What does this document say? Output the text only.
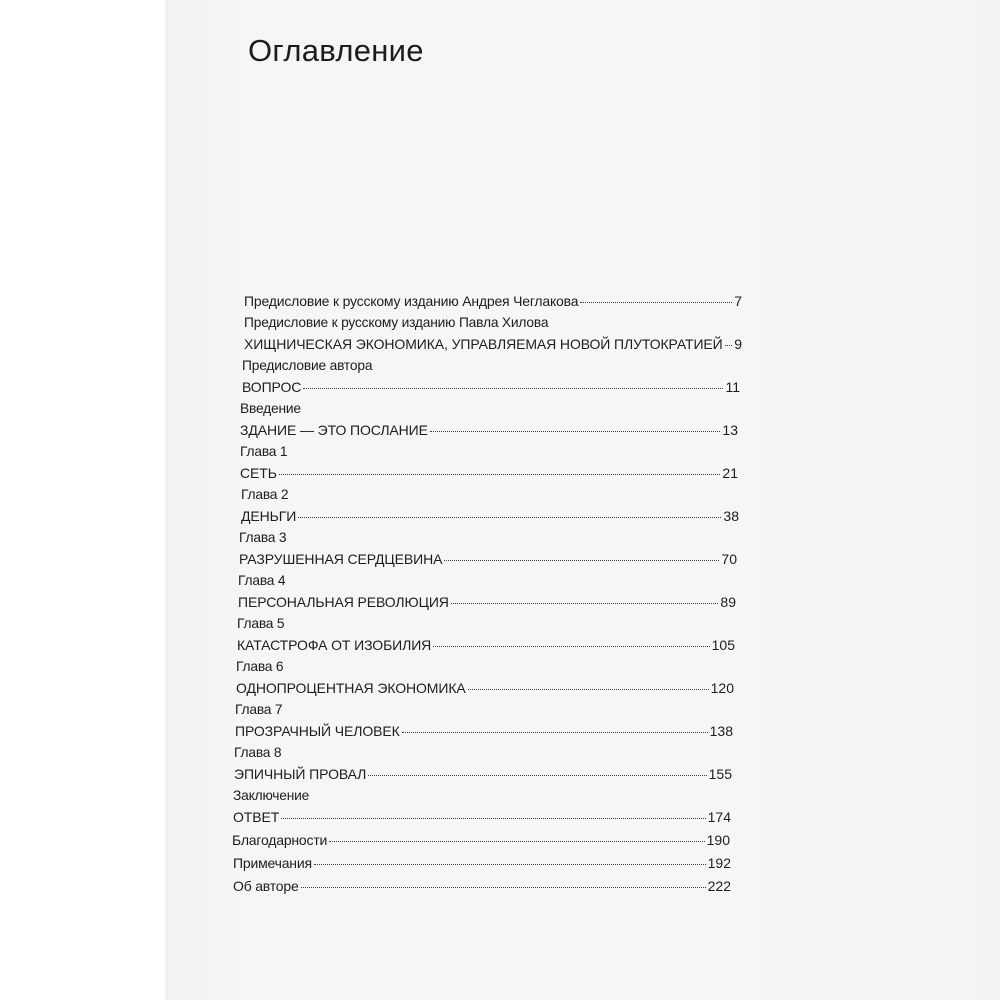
Оглавление
Предисловие к русскому изданию Андрея Чеглакова	7
Предисловие к русскому изданию Павла Хилова
ХИЩНИЧЕСКАЯ ЭКОНОМИКА, УПРАВЛЯЕМАЯ НОВОЙ ПЛУТОКРАТИЕЙ 9
Предисловие автора
ВОПРОС	11
Введение
ЗДАНИЕ — ЭТО ПОСЛАНИЕ	13
Глава 1
СЕТЬ	21
Глава 2
ДЕНЬГИ	38
Глава 3
РАЗРУШЕННАЯ СЕРДЦЕВИНА	70
Глава 4
ПЕРСОНАЛЬНАЯ РЕВОЛЮЦИЯ	89
Глава 5
КАТАСТРОФА ОТ ИЗОБИЛИЯ	105
Глава 6
ОДНОПРОЦЕНТНАЯ ЭКОНОМИКА	120
Глава 7
ПРОЗРАЧНЫЙ ЧЕЛОВЕК	138
Глава 8
ЭПИЧНЫЙ ПРОВАЛ	155
Заключение
ОТВЕТ	174
Благодарности	190
Примечания	192
Об авторе	222
